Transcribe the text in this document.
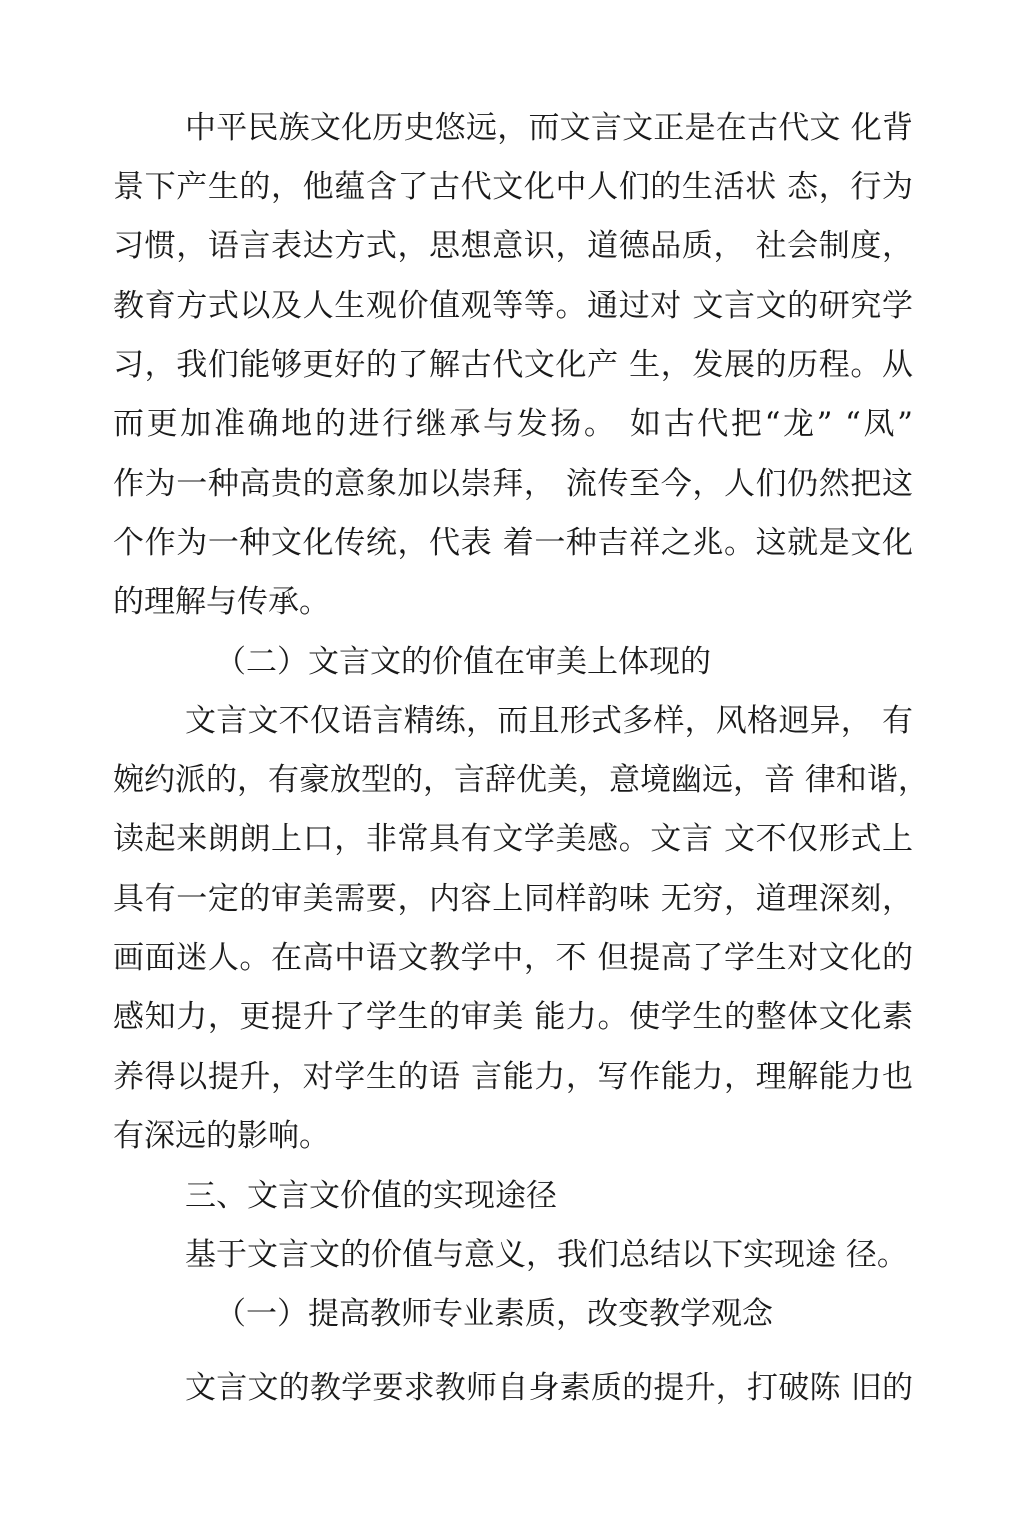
中平民族文化历史悠远，而文言文正是在古代文 化背
景下产生的，他蕴含了古代文化中人们的生活状 态，行为
习惯，语言表达方式，思想意识，道德品质， 社会制度，
教育方式以及人生观价值观等等。通过对 文言文的研究学
习，我们能够更好的了解古代文化产 生，发展的历程。从
而更加准确地的进行继承与发扬。 如古代把“龙” “凤”
作为一种高贵的意象加以崇拜， 流传至今，人们仍然把这
个作为一种文化传统，代表 着一种吉祥之兆。这就是文化
的理解与传承。
（二）文言文的价值在审美上体现的
文言文不仅语言精练，而且形式多样，风格迥异， 有
婉约派的，有豪放型的，言辞优美，意境幽远，音 律和谐，
读起来朗朗上口，非常具有文学美感。文言 文不仅形式上
具有一定的审美需要，内容上同样韵味 无穷，道理深刻，
画面迷人。在高中语文教学中，不 但提高了学生对文化的
感知力，更提升了学生的审美 能力。使学生的整体文化素
养得以提升，对学生的语 言能力，写作能力，理解能力也
有深远的影响。
三、文言文价值的实现途径
基于文言文的价值与意义，我们总结以下实现途 径。
（一）提高教师专业素质，改变教学观念
文言文的教学要求教师自身素质的提升，打破陈 旧的
